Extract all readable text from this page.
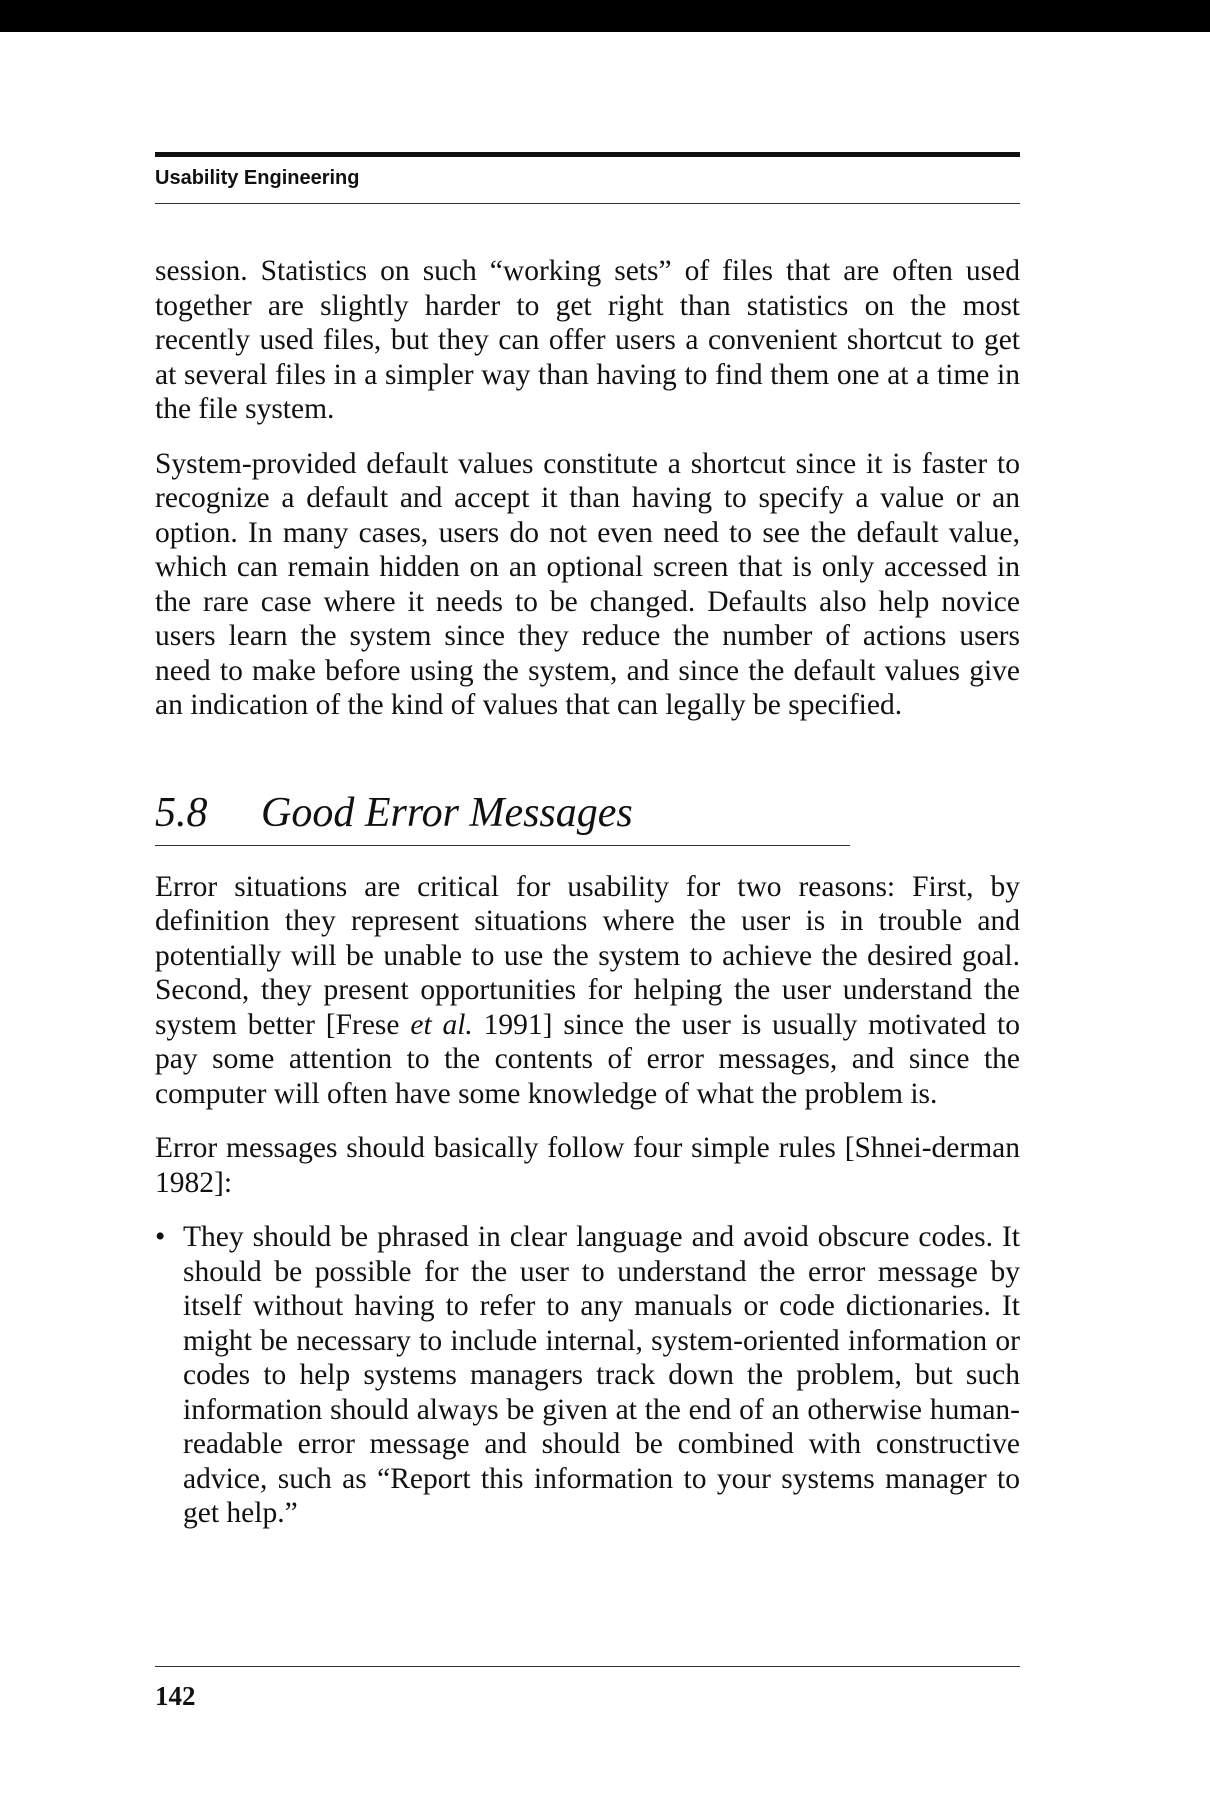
Usability Engineering

session. Statistics on such “working sets” of files that are often used together are slightly harder to get right than statistics on the most recently used files, but they can offer users a convenient shortcut to get at several files in a simpler way than having to find them one at a time in the file system.

System-provided default values constitute a shortcut since it is faster to recognize a default and accept it than having to specify a value or an option. In many cases, users do not even need to see the default value, which can remain hidden on an optional screen that is only accessed in the rare case where it needs to be changed. Defaults also help novice users learn the system since they reduce the number of actions users need to make before using the system, and since the default values give an indication of the kind of values that can legally be specified.

5.8	Good Error Messages

Error situations are critical for usability for two reasons: First, by definition they represent situations where the user is in trouble and potentially will be unable to use the system to achieve the desired goal. Second, they present opportunities for helping the user understand the system better [Frese et al. 1991] since the user is usually motivated to pay some attention to the contents of error messages, and since the computer will often have some knowledge of what the problem is.

Error messages should basically follow four simple rules [Shnei-derman 1982]:

• They should be phrased in clear language and avoid obscure codes. It should be possible for the user to understand the error message by itself without having to refer to any manuals or code dictionaries. It might be necessary to include internal, system-oriented information or codes to help systems managers track down the problem, but such information should always be given at the end of an otherwise human-readable error message and should be combined with constructive advice, such as “Report this information to your systems manager to get help.”
142
